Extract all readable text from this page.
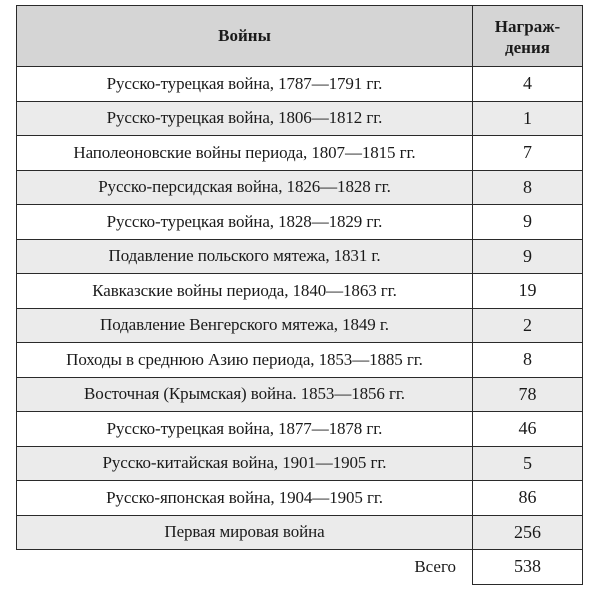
Войны	Награж-
дения
Русско-турецкая война, 1787—1791 гг.	4
Русско-турецкая война, 1806—1812 гг.	1
Наполеоновские войны периода, 1807—1815 гг.	7
Русско-персидская война, 1826—1828 гг.	8
Русско-турецкая война, 1828—1829 гг.	9
Подавление польского мятежа, 1831 г.	9
Кавказские войны периода, 1840—1863 гг.	19
Подавление Венгерского мятежа, 1849 г.	2
Походы в среднюю Азию периода, 1853—1885 гг.	8
Восточная (Крымская) война. 1853—1856 гг.	78
Русско-турецкая война, 1877—1878 гг.	46
Русско-китайская война, 1901—1905 гг.	5
Русско-японская война, 1904—1905 гг.	86
Первая мировая война	256
Всего	538
